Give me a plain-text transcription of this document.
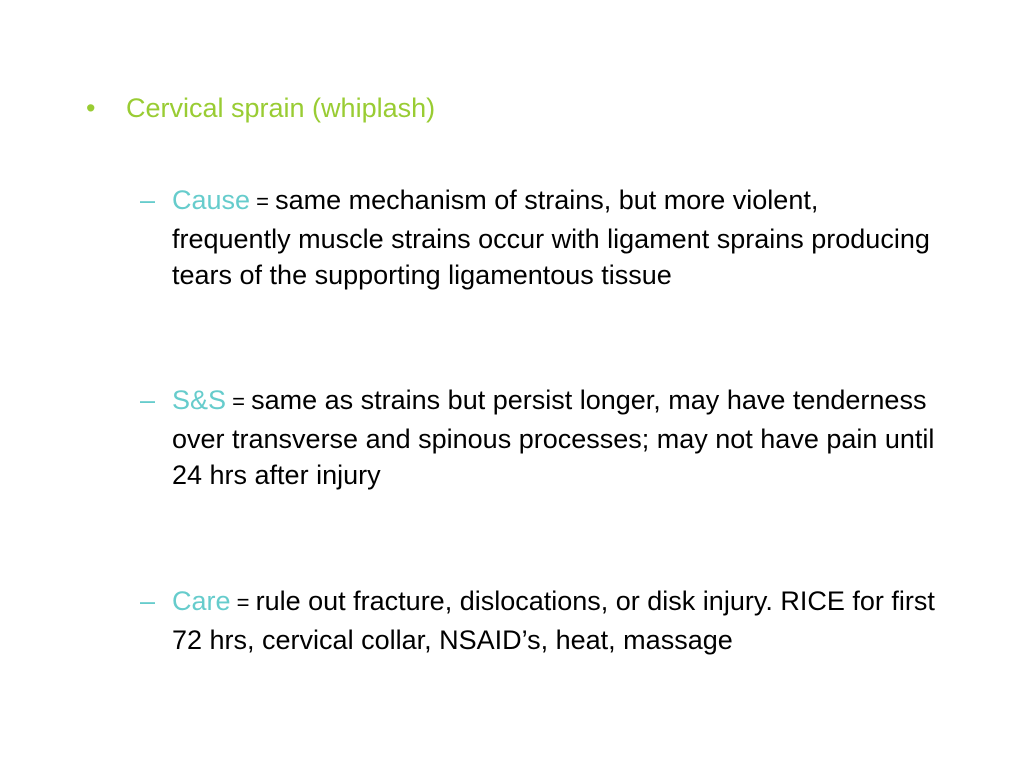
• Cervical sprain (whiplash)
– Cause = same mechanism of strains, but more violent, frequently muscle strains occur with ligament sprains producing tears of the supporting ligamentous tissue
– S&S = same as strains but persist longer, may have tenderness over transverse and spinous processes; may not have pain until 24 hrs after injury
– Care = rule out fracture, dislocations, or disk injury. RICE for first 72 hrs, cervical collar, NSAID’s, heat, massage
